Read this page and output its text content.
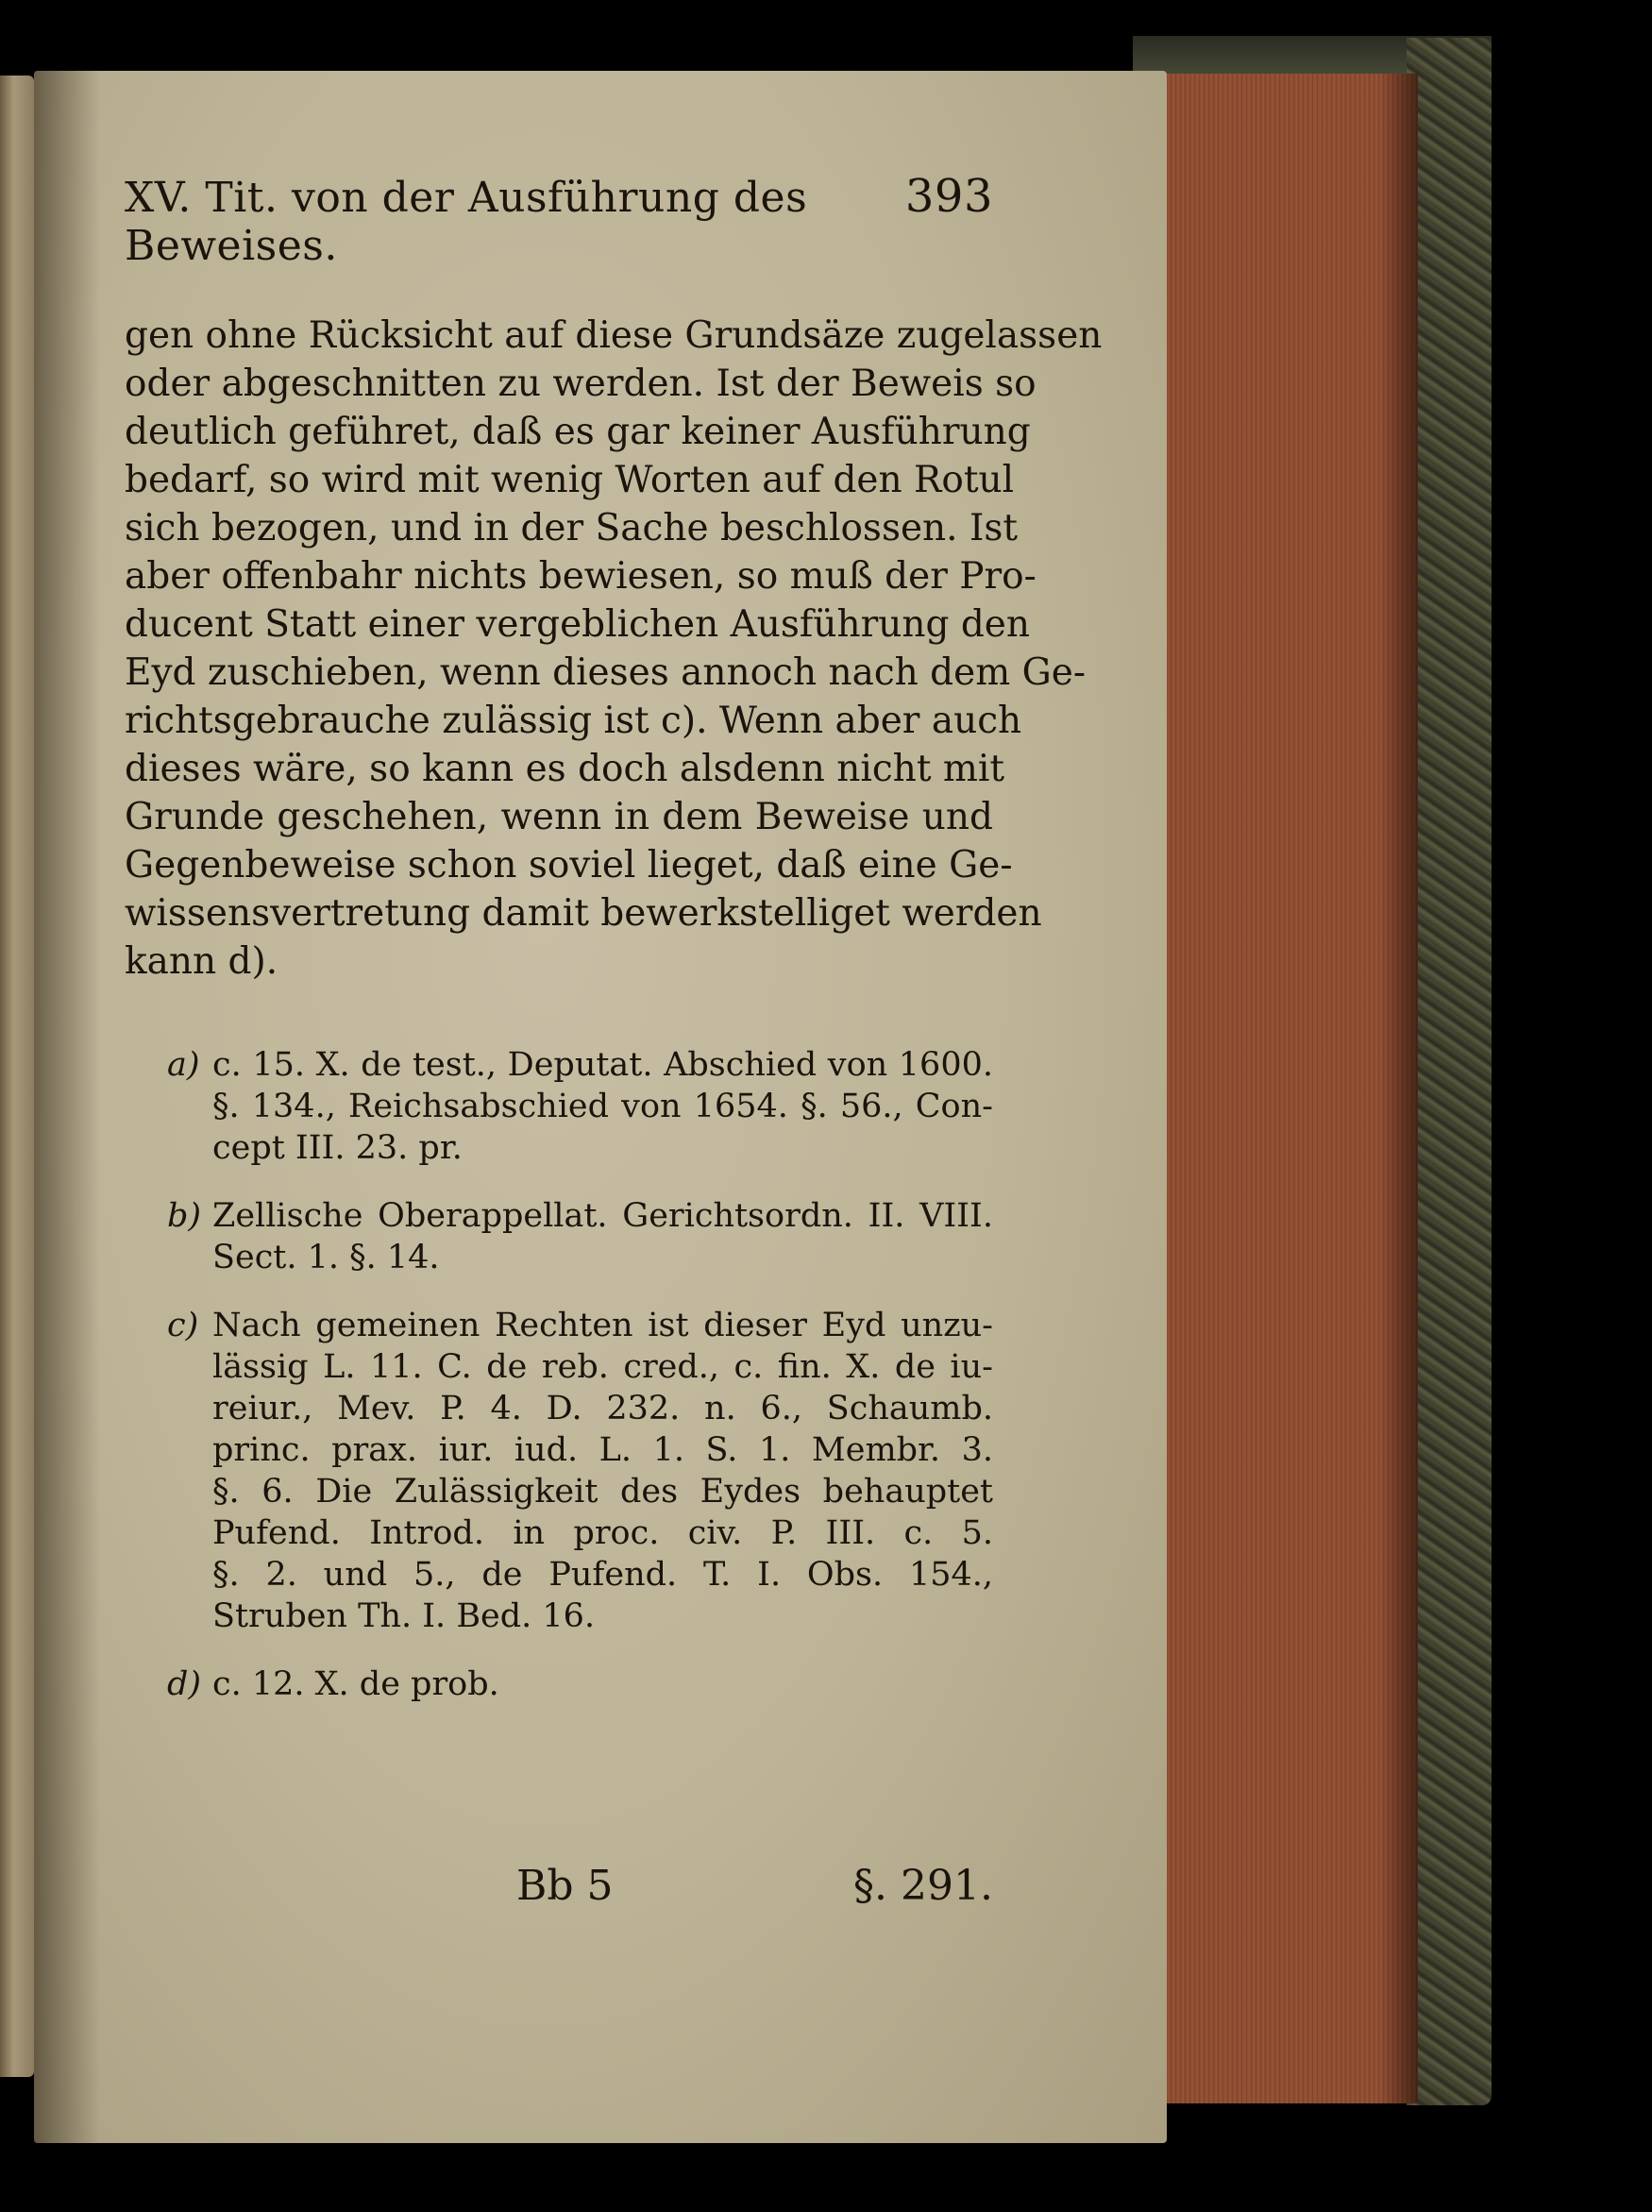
XV. Tit. von der Ausführung des Beweises.
393

gen ohne Rücksicht auf diese Grundsäze zugelassen
oder abgeschnitten zu werden. Ist der Beweis so
deutlich geführet, daß es gar keiner Ausführung
bedarf, so wird mit wenig Worten auf den Rotul
sich bezogen, und in der Sache beschlossen. Ist
aber offenbahr nichts bewiesen, so muß der Pro-
ducent Statt einer vergeblichen Ausführung den
Eyd zuschieben, wenn dieses annoch nach dem Ge-
richtsgebrauche zulässig ist c). Wenn aber auch
dieses wäre, so kann es doch alsdenn nicht mit
Grunde geschehen, wenn in dem Beweise und
Gegenbeweise schon soviel lieget, daß eine Ge-
wissensvertretung damit bewerkstelliget werden
kann d).

a) c. 15. X. de test., Deputat. Abschied von 1600.
§. 134., Reichsabschied von 1654. §. 56., Con-
cept III. 23. pr.
b) Zellische Oberappellat. Gerichtsordn. II. VIII.
Sect. 1. §. 14.
c) Nach gemeinen Rechten ist dieser Eyd unzu-
lässig L. 11. C. de reb. cred., c. fin. X. de iu-
reiur., Mev. P. 4. D. 232. n. 6., Schaumb.
princ. prax. iur. iud. L. 1. S. 1. Membr. 3.
§. 6. Die Zulässigkeit des Eydes behauptet
Pufend. Introd. in proc. civ. P. III. c. 5.
§. 2. und 5., de Pufend. T. I. Obs. 154.,
Struben Th. I. Bed. 16.
d) c. 12. X. de prob.
Bb 5	§. 291.
